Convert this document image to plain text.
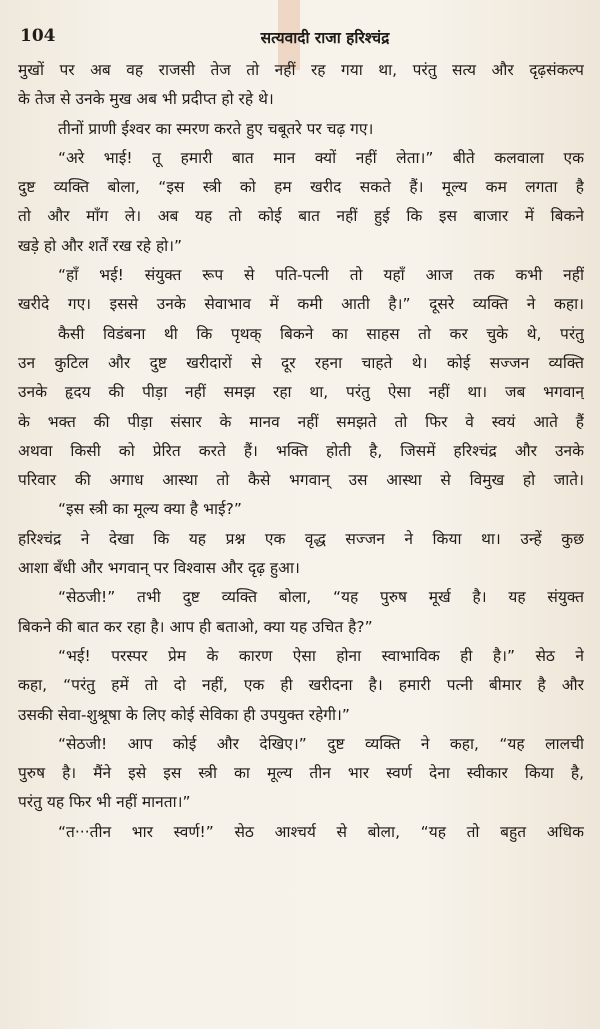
104	सत्यवादी राजा हरिश्चंद्र
मुखों पर अब वह राजसी तेज तो नहीं रह गया था, परंतु सत्य और दृढ़संकल्प
के तेज से उनके मुख अब भी प्रदीप्त हो रहे थे।
तीनों प्राणी ईश्वर का स्मरण करते हुए चबूतरे पर चढ़ गए।
“अरे भाई! तू हमारी बात मान क्यों नहीं लेता।” बीते कलवाला एक
दुष्ट व्यक्ति बोला, “इस स्त्री को हम खरीद सकते हैं। मूल्य कम लगता है
तो और माँग ले। अब यह तो कोई बात नहीं हुई कि इस बाजार में बिकने
खड़े हो और शर्तें रख रहे हो।”
“हाँ भई! संयुक्त रूप से पति-पत्नी तो यहाँ आज तक कभी नहीं
खरीदे गए। इससे उनके सेवाभाव में कमी आती है।” दूसरे व्यक्ति ने कहा।
कैसी विडंबना थी कि पृथक् बिकने का साहस तो कर चुके थे, परंतु
उन कुटिल और दुष्ट खरीदारों से दूर रहना चाहते थे। कोई सज्जन व्यक्ति
उनके हृदय की पीड़ा नहीं समझ रहा था, परंतु ऐसा नहीं था। जब भगवान्
के भक्त की पीड़ा संसार के मानव नहीं समझते तो फिर वे स्वयं आते हैं
अथवा किसी को प्रेरित करते हैं। भक्ति होती है, जिसमें हरिश्चंद्र और उनके
परिवार की अगाध आस्था तो कैसे भगवान् उस आस्था से विमुख हो जाते।
“इस स्त्री का मूल्य क्या है भाई?”
हरिश्चंद्र ने देखा कि यह प्रश्न एक वृद्ध सज्जन ने किया था। उन्हें कुछ
आशा बँधी और भगवान् पर विश्वास और दृढ़ हुआ।
“सेठजी!” तभी दुष्ट व्यक्ति बोला, “यह पुरुष मूर्ख है। यह संयुक्त
बिकने की बात कर रहा है। आप ही बताओ, क्या यह उचित है?”
“भई! परस्पर प्रेम के कारण ऐसा होना स्वाभाविक ही है।” सेठ ने
कहा, “परंतु हमें तो दो नहीं, एक ही खरीदना है। हमारी पत्नी बीमार है और
उसकी सेवा-शुश्रूषा के लिए कोई सेविका ही उपयुक्त रहेगी।”
“सेठजी! आप कोई और देखिए।” दुष्ट व्यक्ति ने कहा, “यह लालची
पुरुष है। मैंने इसे इस स्त्री का मूल्य तीन भार स्वर्ण देना स्वीकार किया है,
परंतु यह फिर भी नहीं मानता।”
“त···तीन भार स्वर्ण!” सेठ आश्चर्य से बोला, “यह तो बहुत अधिक
